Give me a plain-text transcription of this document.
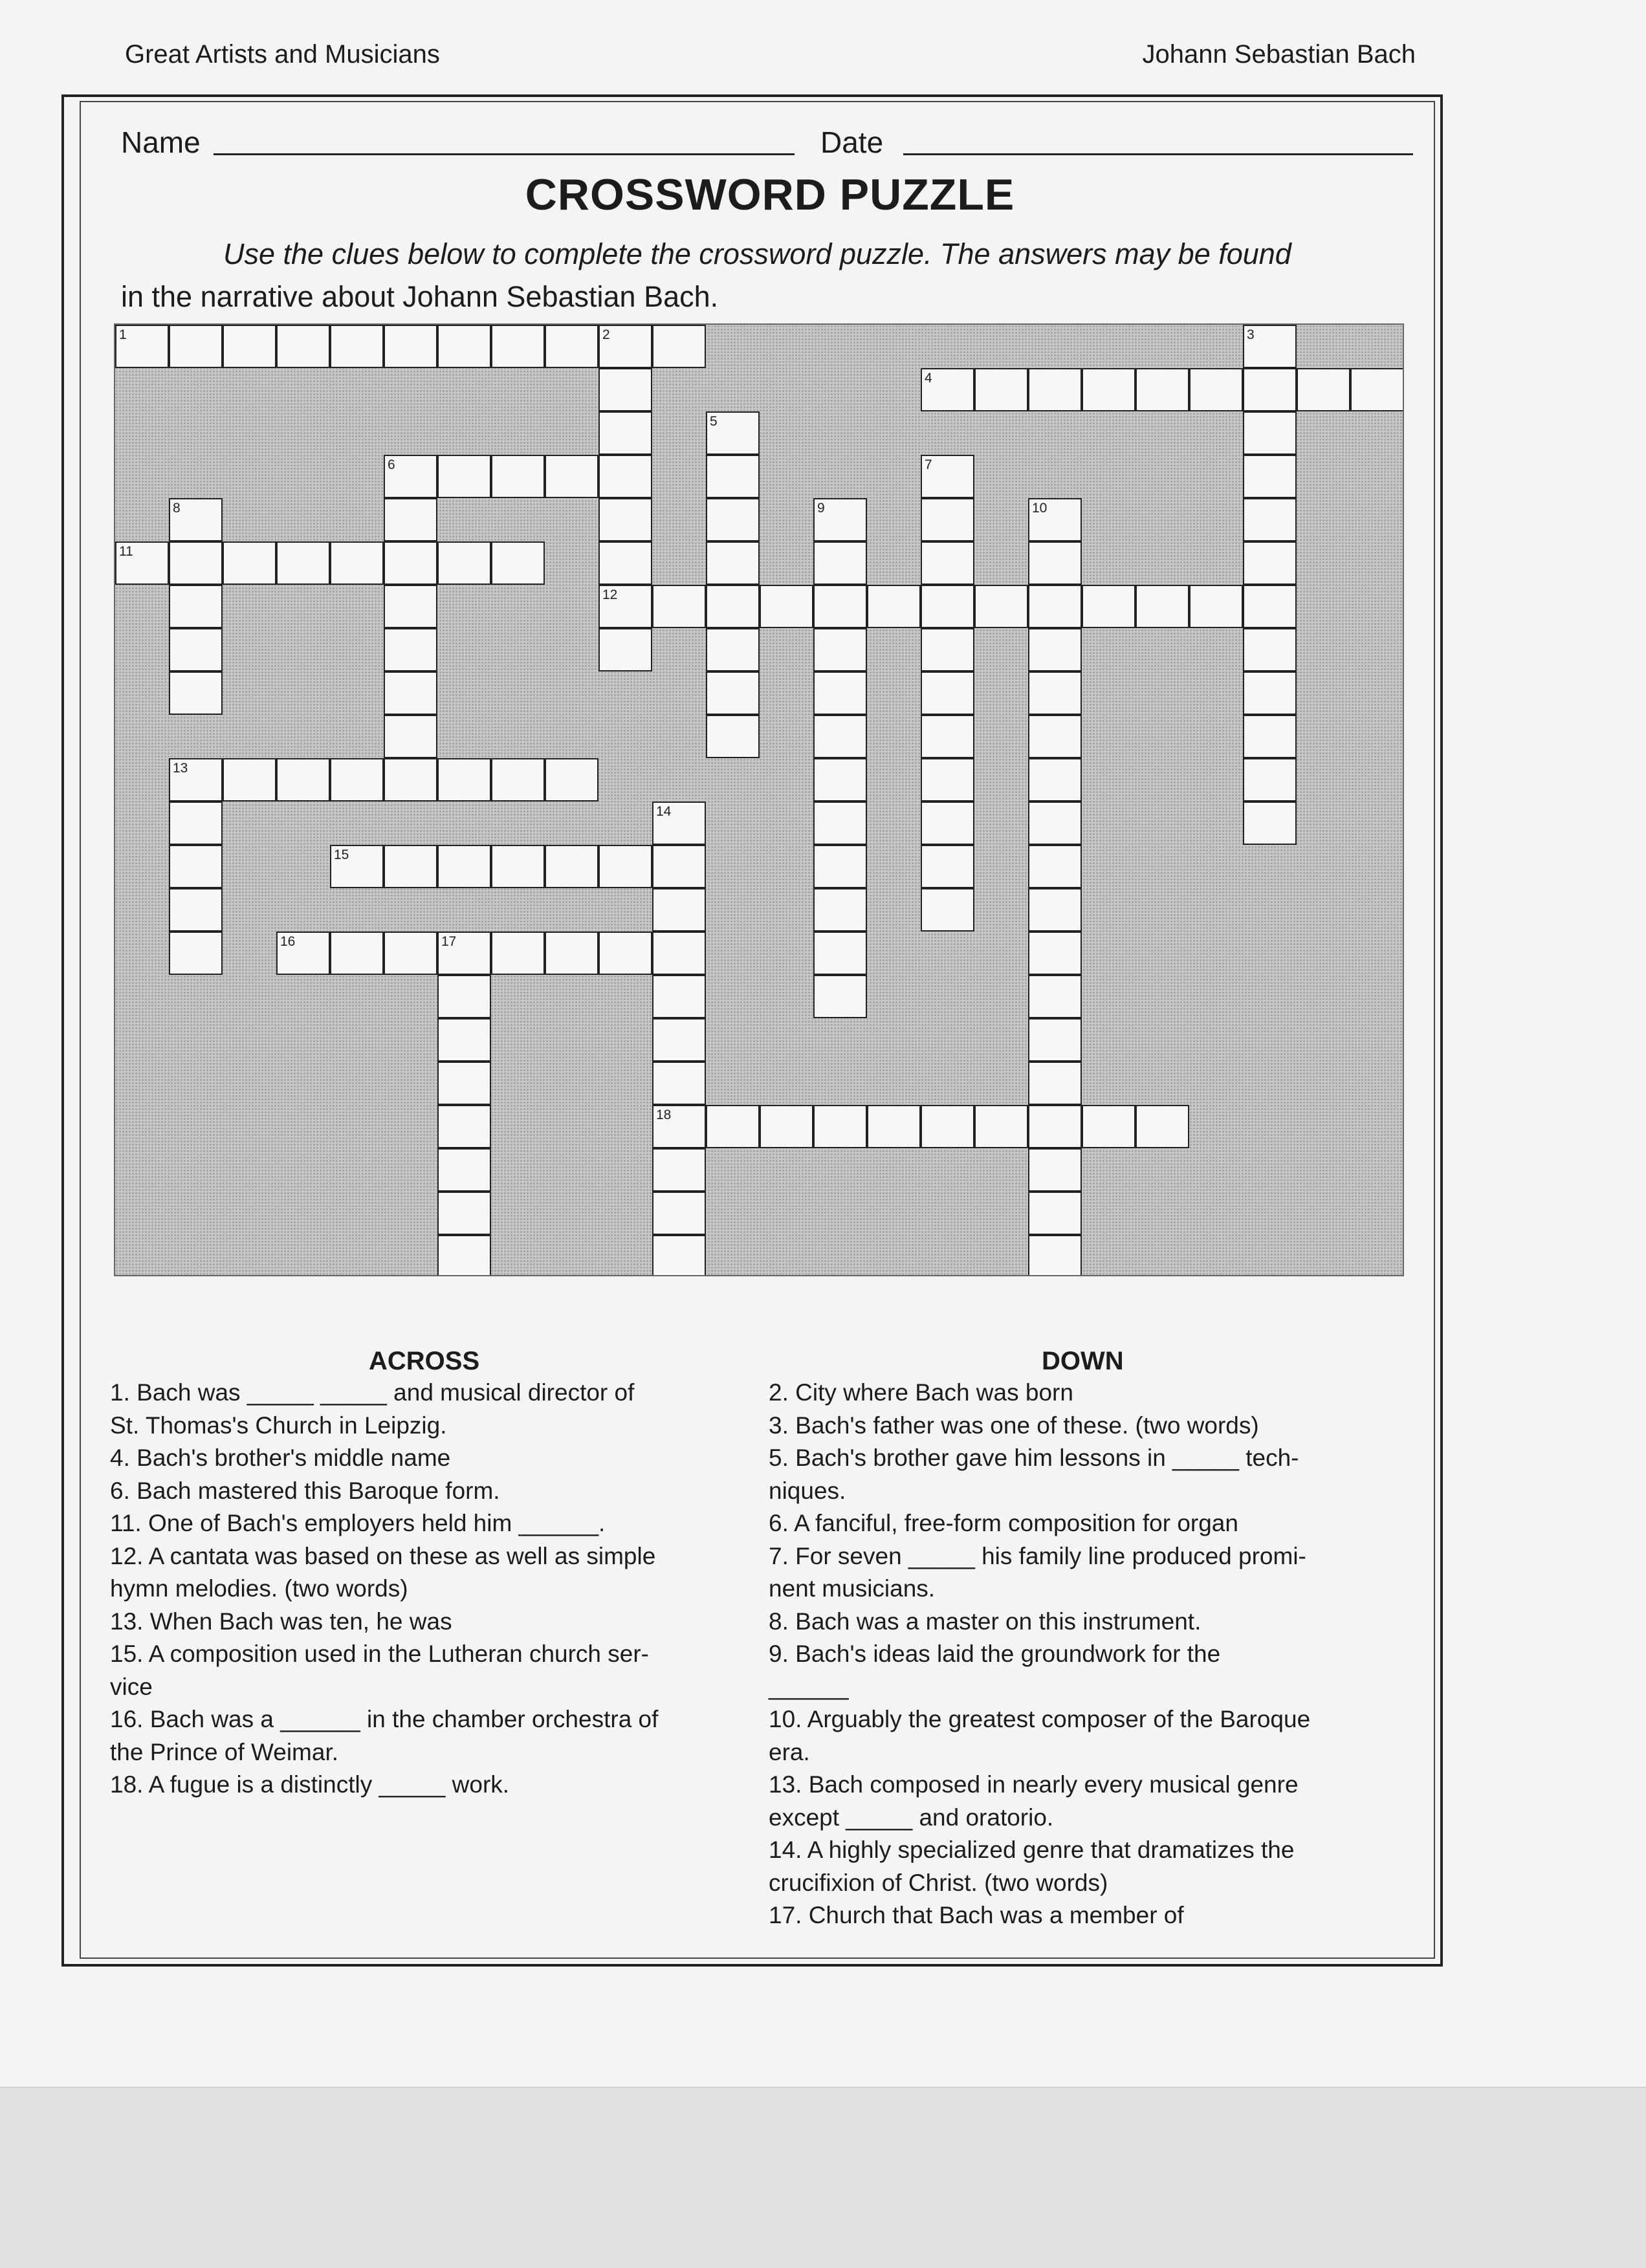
Great Artists and Musicians	Johann Sebastian Bach
Name	Date
CROSSWORD PUZZLE
Use the clues below to complete the crossword puzzle. The answers may be found
in the narrative about Johann Sebastian Bach.
1	2
12
3
4
5
6	7
8	9	10
11
13
14
18
15
16	17
ACROSS	DOWN
1. Bach was _____ _____ and musical director of
St. Thomas's Church in Leipzig.
4. Bach's brother's middle name
6. Bach mastered this Baroque form.
11. One of Bach's employers held him ______.
12. A cantata was based on these as well as simple
hymn melodies. (two words)
13. When Bach was ten, he was
15. A composition used in the Lutheran church ser-
vice
16. Bach was a ______ in the chamber orchestra of
the Prince of Weimar.
18. A fugue is a distinctly _____ work.
2. City where Bach was born
3. Bach's father was one of these. (two words)
5. Bach's brother gave him lessons in _____ tech-
niques.
6. A fanciful, free-form composition for organ
7. For seven _____ his family line produced promi-
nent musicians.
8. Bach was a master on this instrument.
9. Bach's ideas laid the groundwork for the
______
10. Arguably the greatest composer of the Baroque
era.
13. Bach composed in nearly every musical genre
except _____ and oratorio.
14. A highly specialized genre that dramatizes the
crucifixion of Christ. (two words)
17. Church that Bach was a member of
